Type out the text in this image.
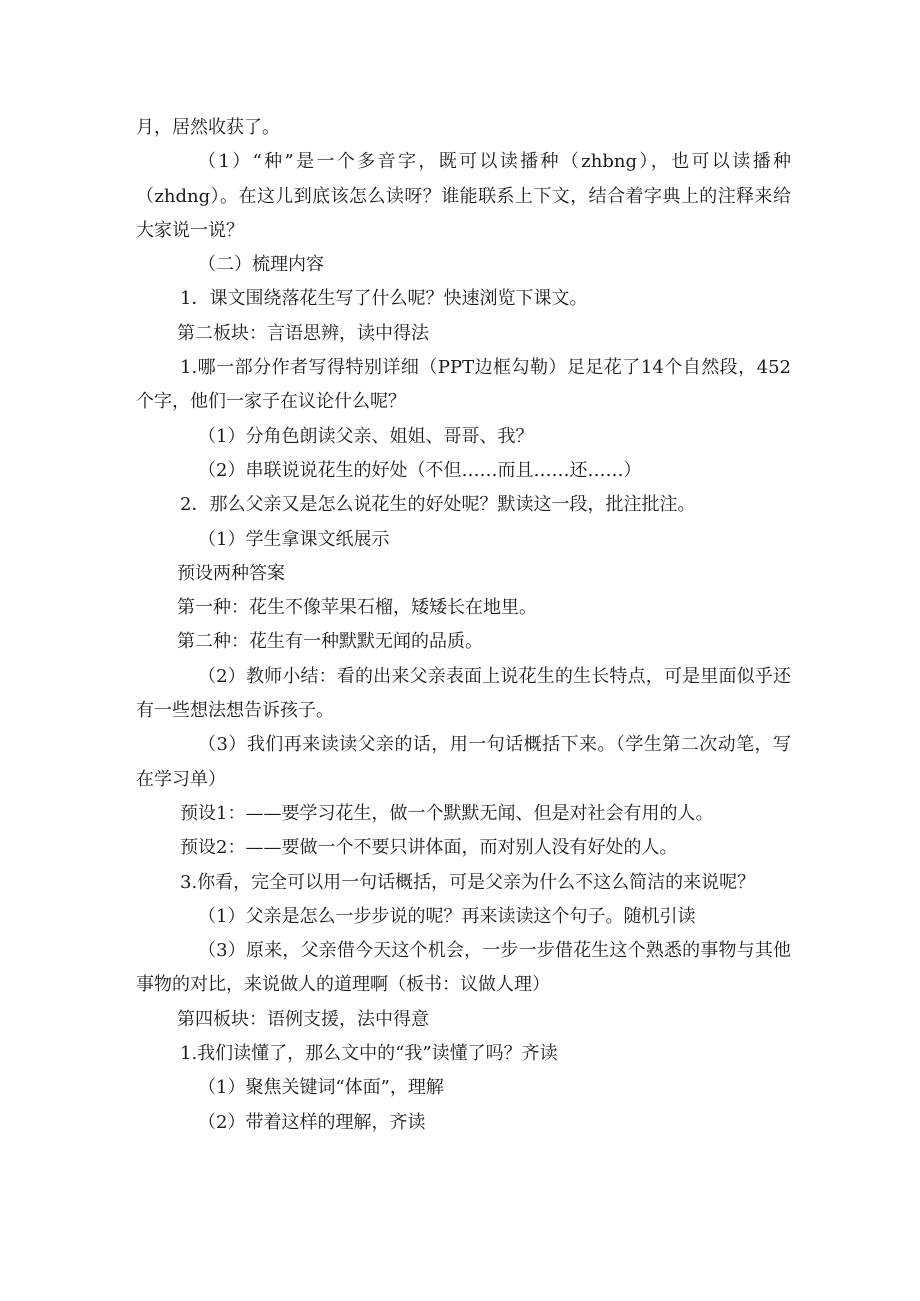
月，居然收获了。

（1）“种”是一个多音字，既可以读播种（zhbng），也可以读播种（zhdng）。在这儿到底该怎么读呀？谁能联系上下文，结合着字典上的注释来给大家说一说？

（二）梳理内容

1．课文围绕落花生写了什么呢？快速浏览下课文。

第二板块：言语思辨，读中得法

1.哪一部分作者写得特别详细（PPT边框勾勒）足足花了14个自然段，452个字，他们一家子在议论什么呢？

（1）分角色朗读父亲、姐姐、哥哥、我？

（2）串联说说花生的好处（不但……而且……还……）

2．那么父亲又是怎么说花生的好处呢？默读这一段，批注批注。

（1）学生拿课文纸展示

预设两种答案

第一种：花生不像苹果石榴，矮矮长在地里。

第二种：花生有一种默默无闻的品质。

（2）教师小结：看的出来父亲表面上说花生的生长特点，可是里面似乎还有一些想法想告诉孩子。

（3）我们再来读读父亲的话，用一句话概括下来。（学生第二次动笔，写在学习单）

预设1：——要学习花生，做一个默默无闻、但是对社会有用的人。

预设2：——要做一个不要只讲体面，而对别人没有好处的人。

3.你看，完全可以用一句话概括，可是父亲为什么不这么简洁的来说呢？

（1）父亲是怎么一步步说的呢？再来读读这个句子。随机引读

（3）原来，父亲借今天这个机会，一步一步借花生这个熟悉的事物与其他事物的对比，来说做人的道理啊（板书：议做人理）

第四板块：语例支援，法中得意

1.我们读懂了，那么文中的“我”读懂了吗？齐读

（1）聚焦关键词“体面”，理解

（2）带着这样的理解，齐读
